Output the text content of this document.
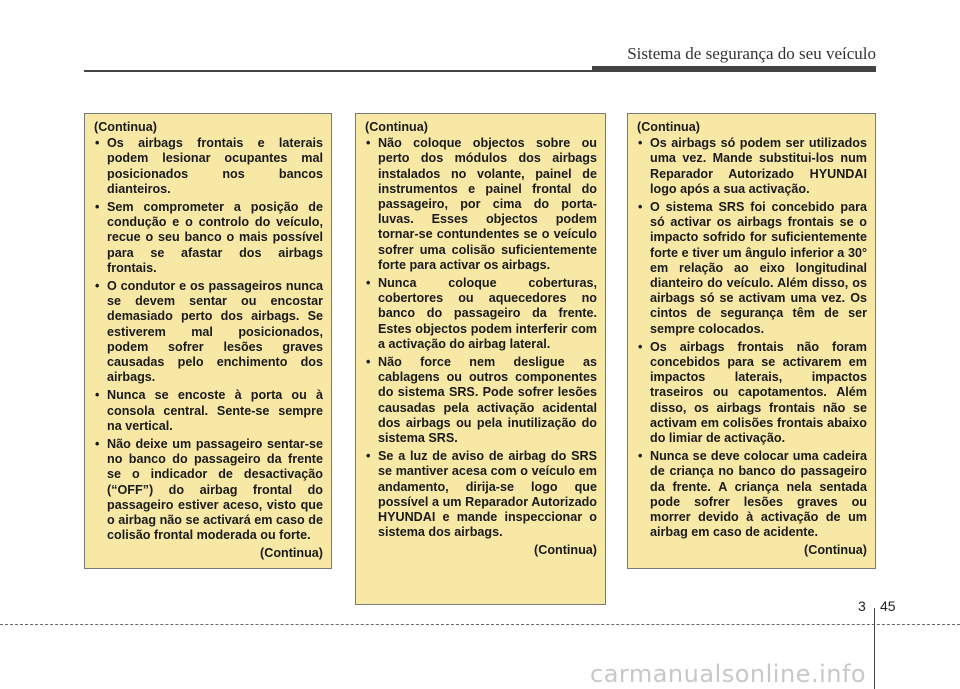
Sistema de segurança do seu veículo
(Continua)
• Os airbags frontais e laterais podem lesionar ocupantes mal posicionados nos bancos dianteiros.
• Sem comprometer a posição de condução e o controlo do veículo, recue o seu banco o mais possível para se afastar dos airbags frontais.
• O condutor e os passageiros nunca se devem sentar ou encostar demasiado perto dos airbags. Se estiverem mal posicionados, podem sofrer lesões graves causadas pelo enchimento dos airbags.
• Nunca se encoste à porta ou à consola central. Sente-se sempre na vertical.
• Não deixe um passageiro sentar-se no banco do passageiro da frente se o indicador de desactivação (“OFF”) do airbag frontal do passageiro estiver aceso, visto que o airbag não se activará em caso de colisão frontal moderada ou forte.
(Continua)
(Continua)
• Não coloque objectos sobre ou perto dos módulos dos airbags instalados no volante, painel de instrumentos e painel frontal do passageiro, por cima do porta-luvas. Esses objectos podem tornar-se contundentes se o veículo sofrer uma colisão suficientemente forte para activar os airbags.
• Nunca coloque coberturas, cobertores ou aquecedores no banco do passageiro da frente. Estes objectos podem interferir com a activação do airbag lateral.
• Não force nem desligue as cablagens ou outros componentes do sistema SRS. Pode sofrer lesões causadas pela activação acidental dos airbags ou pela inutilização do sistema SRS.
• Se a luz de aviso de airbag do SRS se mantiver acesa com o veículo em andamento, dirija-se logo que possível a um Reparador Autorizado HYUNDAI e mande inspeccionar o sistema dos airbags.
(Continua)
(Continua)
• Os airbags só podem ser utilizados uma vez. Mande substitui-los num Reparador Autorizado HYUNDAI logo após a sua activação.
• O sistema SRS foi concebido para só activar os airbags frontais se o impacto sofrido for suficientemente forte e tiver um ângulo inferior a 30° em relação ao eixo longitudinal dianteiro do veículo. Além disso, os airbags só se activam uma vez. Os cintos de segurança têm de ser sempre colocados.
• Os airbags frontais não foram concebidos para se activarem em impactos laterais, impactos traseiros ou capotamentos. Além disso, os airbags frontais não se activam em colisões frontais abaixo do limiar de activação.
• Nunca se deve colocar uma cadeira de criança no banco do passageiro da frente. A criança nela sentada pode sofrer lesões graves ou morrer devido à activação de um airbag em caso de acidente.
(Continua)
3 45
carmanualsonline.info
